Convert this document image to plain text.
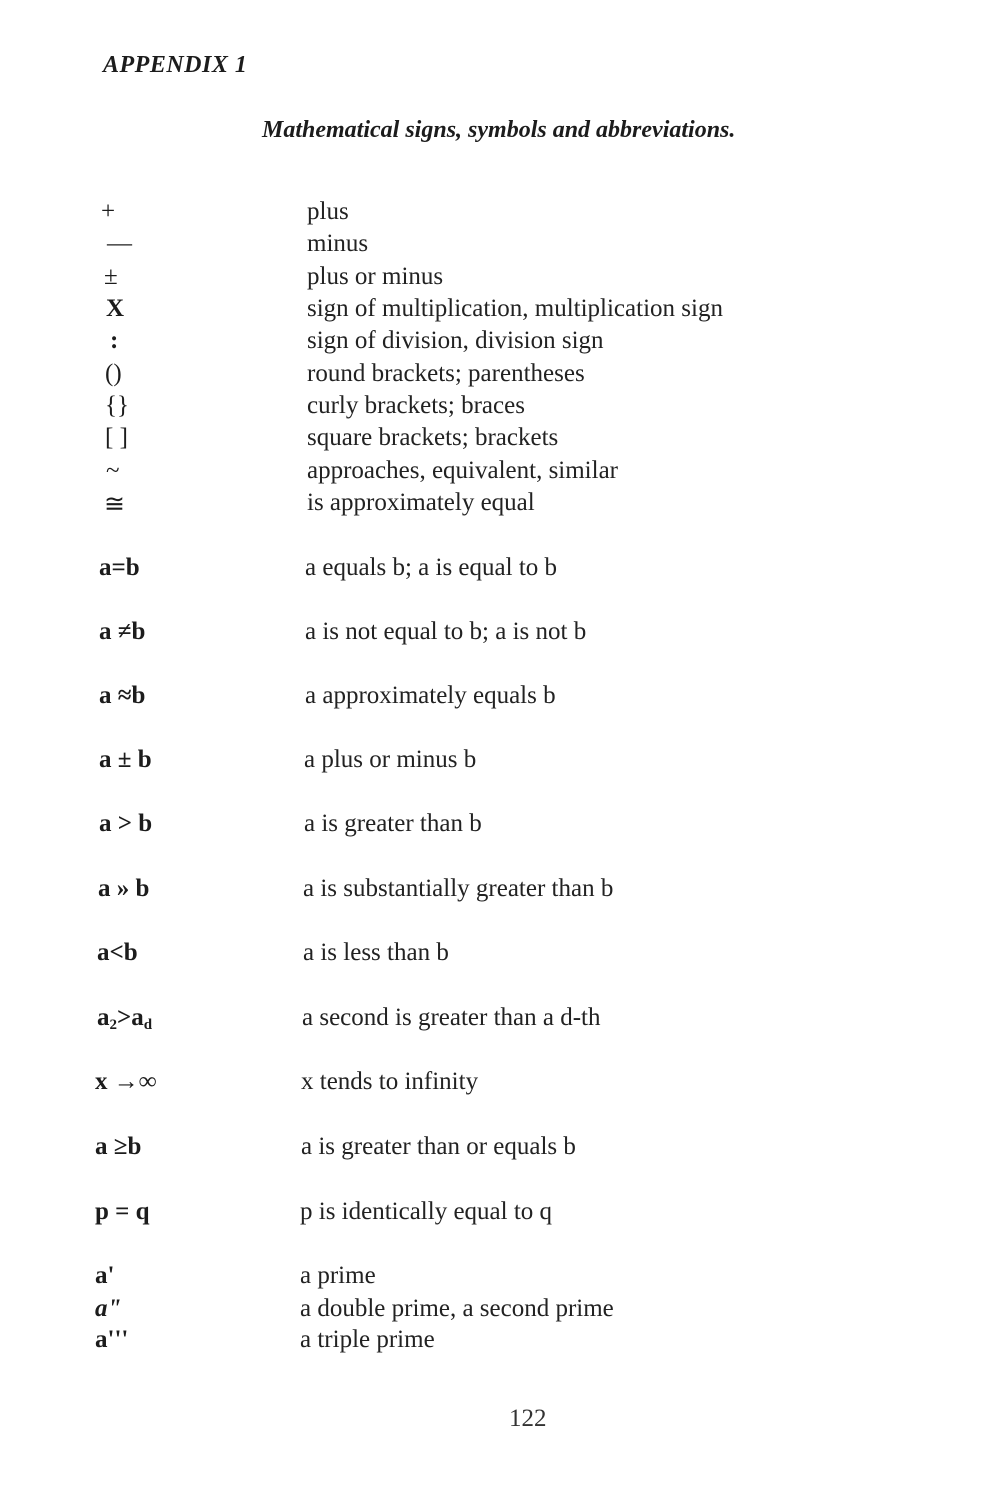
APPENDIX 1
Mathematical signs, symbols and abbreviations.
+	plus
—	minus
±	plus or minus
X	sign of multiplication, multiplication sign
:	sign of division, division sign
()	round brackets; parentheses
{}	curly brackets; braces
[ ]	square brackets; brackets
~	approaches, equivalent, similar
≅	is approximately equal
a=b	a equals b; a is equal to b
a ≠b	a is not equal to b; a is not b
a ≈b	a approximately equals b
a ± b	a plus or minus b
a > b	a is greater than b
a » b	a is substantially greater than b
a<b	a is less than b
$a_2>a_d$	a second is greater than a d-th
x →∞	x tends to infinity
a ≥b	a is greater than or equals b
p = q	p is identically equal to q
a'	a prime
a"	a double prime, a second prime
a'''	a triple prime
122
